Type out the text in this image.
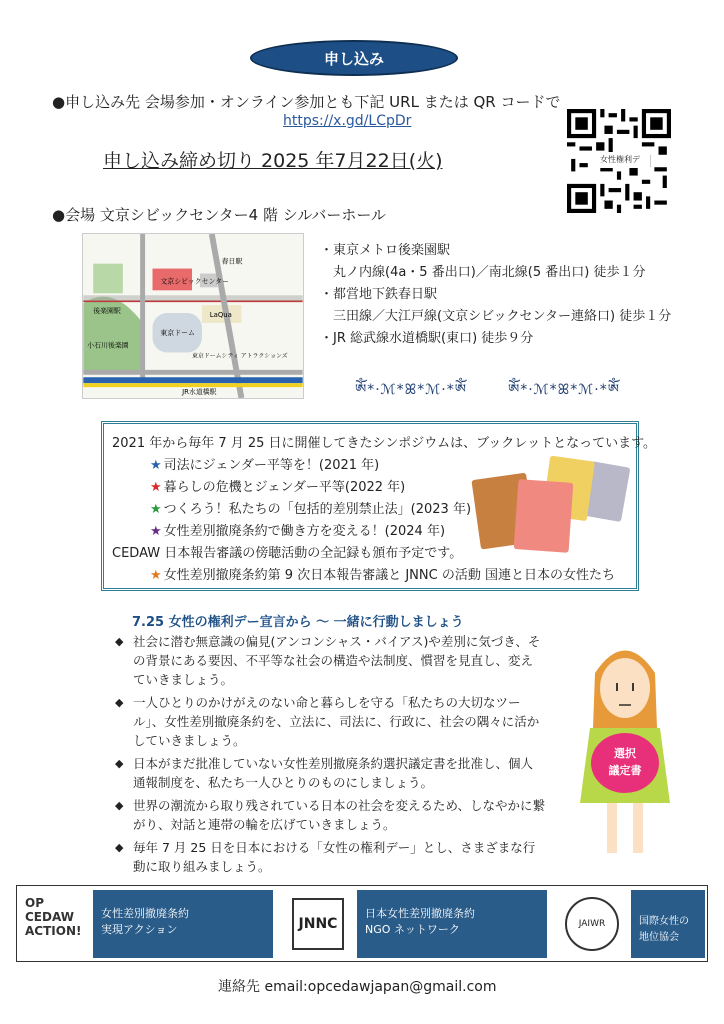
申し込み
●申し込み先 会場参加・オンライン参加とも下記 URL または QR コードで
https://x.gd/LCpDr
申し込み締め切り 2025 年7月22日(火)	女性権利デ
●会場 文京シビックセンター4 階 シルバーホール
文京シビックセンター
春日駅
LaQua
東京ドーム
東京ドームシティ アトラクションズ
JR水道橋駅
後楽園駅
小石川後楽園
・東京メトロ後楽園駅
　丸ノ内線(4a・5 番出口)／南北線(5 番出口) 徒歩１分
・都営地下鉄春日駅
　三田線／大江戸線(文京シビックセンター連絡口) 徒歩１分
・JR 総武線水道橋駅(東口) 徒歩９分
ༀ*·ℳ*ꕤ*ℳ·*ༀ	ༀ*·ℳ*ꕤ*ℳ·*ༀ
2021 年から毎年 7 月 25 日に開催してきたシンポジウムは、ブックレットとなっています。
★ 司法にジェンダー平等を！(2021 年)
★ 暮らしの危機とジェンダー平等(2022 年)
★ つくろう！私たちの「包括的差別禁止法」(2023 年)
★ 女性差別撤廃条約で働き方を変える！(2024 年)
CEDAW 日本報告審議の傍聴活動の全記録も頒布予定です。
★ 女性差別撤廃条約第 9 次日本報告審議と JNNC の活動 国連と日本の女性たち
7.25 女性の権利デー宣言から ～ 一緒に行動しましょう
◆ 社会に潜む無意識の偏見(アンコンシャス・バイアス)や差別に気づき、その背景にある要因、不平等な社会の構造や法制度、慣習を見直し、変えていきましょう。
◆ 一人ひとりのかけがえのない命と暮らしを守る「私たちの大切なツール」、女性差別撤廃条約を、立法に、司法に、行政に、社会の隅々に活かしていきましょう。
◆ 日本がまだ批准していない女性差別撤廃条約選択議定書を批准し、個人通報制度を、私たち一人ひとりのものにしましょう。
◆ 世界の潮流から取り残されている日本の社会を変えるため、しなやかに繋がり、対話と連帯の輪を広げていきましょう。
◆ 毎年 7 月 25 日を日本における「女性の権利デー」とし、さまざまな行動に取り組みましょう。
選択
議定書
OP CEDAW ACTION!
女性差別撤廃条約
実現アクション	JNNC
日本女性差別撤廃条約
NGO ネットワーク	JAIWR	国際女性の地位協会
連絡先 email:opcedawjapan@gmail.com
